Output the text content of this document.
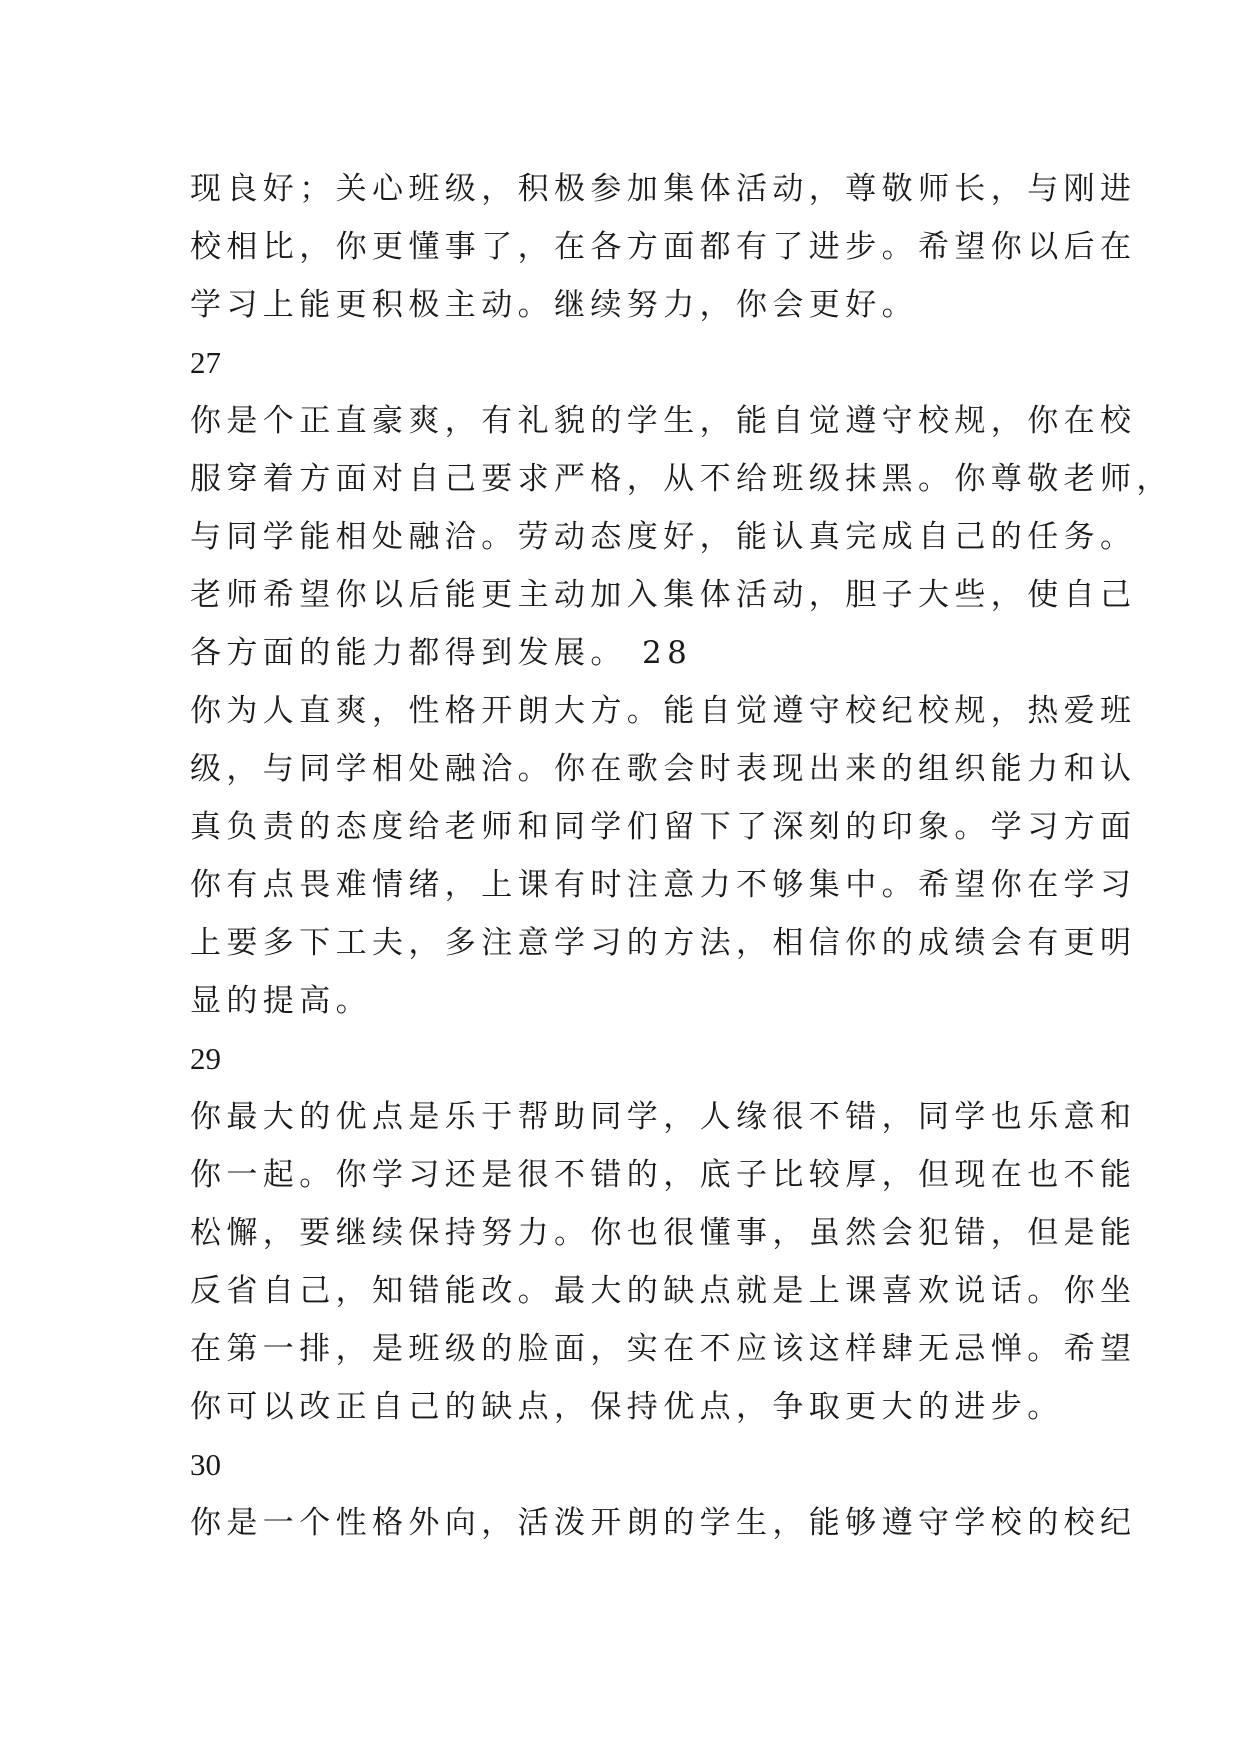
现良好；关心班级，积极参加集体活动，尊敬师长，与刚进

校相比，你更懂事了，在各方面都有了进步。希望你以后在

学习上能更积极主动。继续努力，你会更好。

27

你是个正直豪爽，有礼貌的学生，能自觉遵守校规，你在校

服穿着方面对自己要求严格，从不给班级抹黑。你尊敬老师，

与同学能相处融洽。劳动态度好，能认真完成自己的任务。

老师希望你以后能更主动加入集体活动，胆子大些，使自己

各方面的能力都得到发展。 28

你为人直爽，性格开朗大方。能自觉遵守校纪校规，热爱班

级，与同学相处融洽。你在歌会时表现出来的组织能力和认

真负责的态度给老师和同学们留下了深刻的印象。学习方面

你有点畏难情绪，上课有时注意力不够集中。希望你在学习

上要多下工夫，多注意学习的方法，相信你的成绩会有更明

显的提高。

29

你最大的优点是乐于帮助同学，人缘很不错，同学也乐意和

你一起。你学习还是很不错的，底子比较厚，但现在也不能

松懈，要继续保持努力。你也很懂事，虽然会犯错，但是能

反省自己，知错能改。最大的缺点就是上课喜欢说话。你坐

在第一排，是班级的脸面，实在不应该这样肆无忌惮。希望

你可以改正自己的缺点，保持优点，争取更大的进步。

30

你是一个性格外向，活泼开朗的学生，能够遵守学校的校纪
